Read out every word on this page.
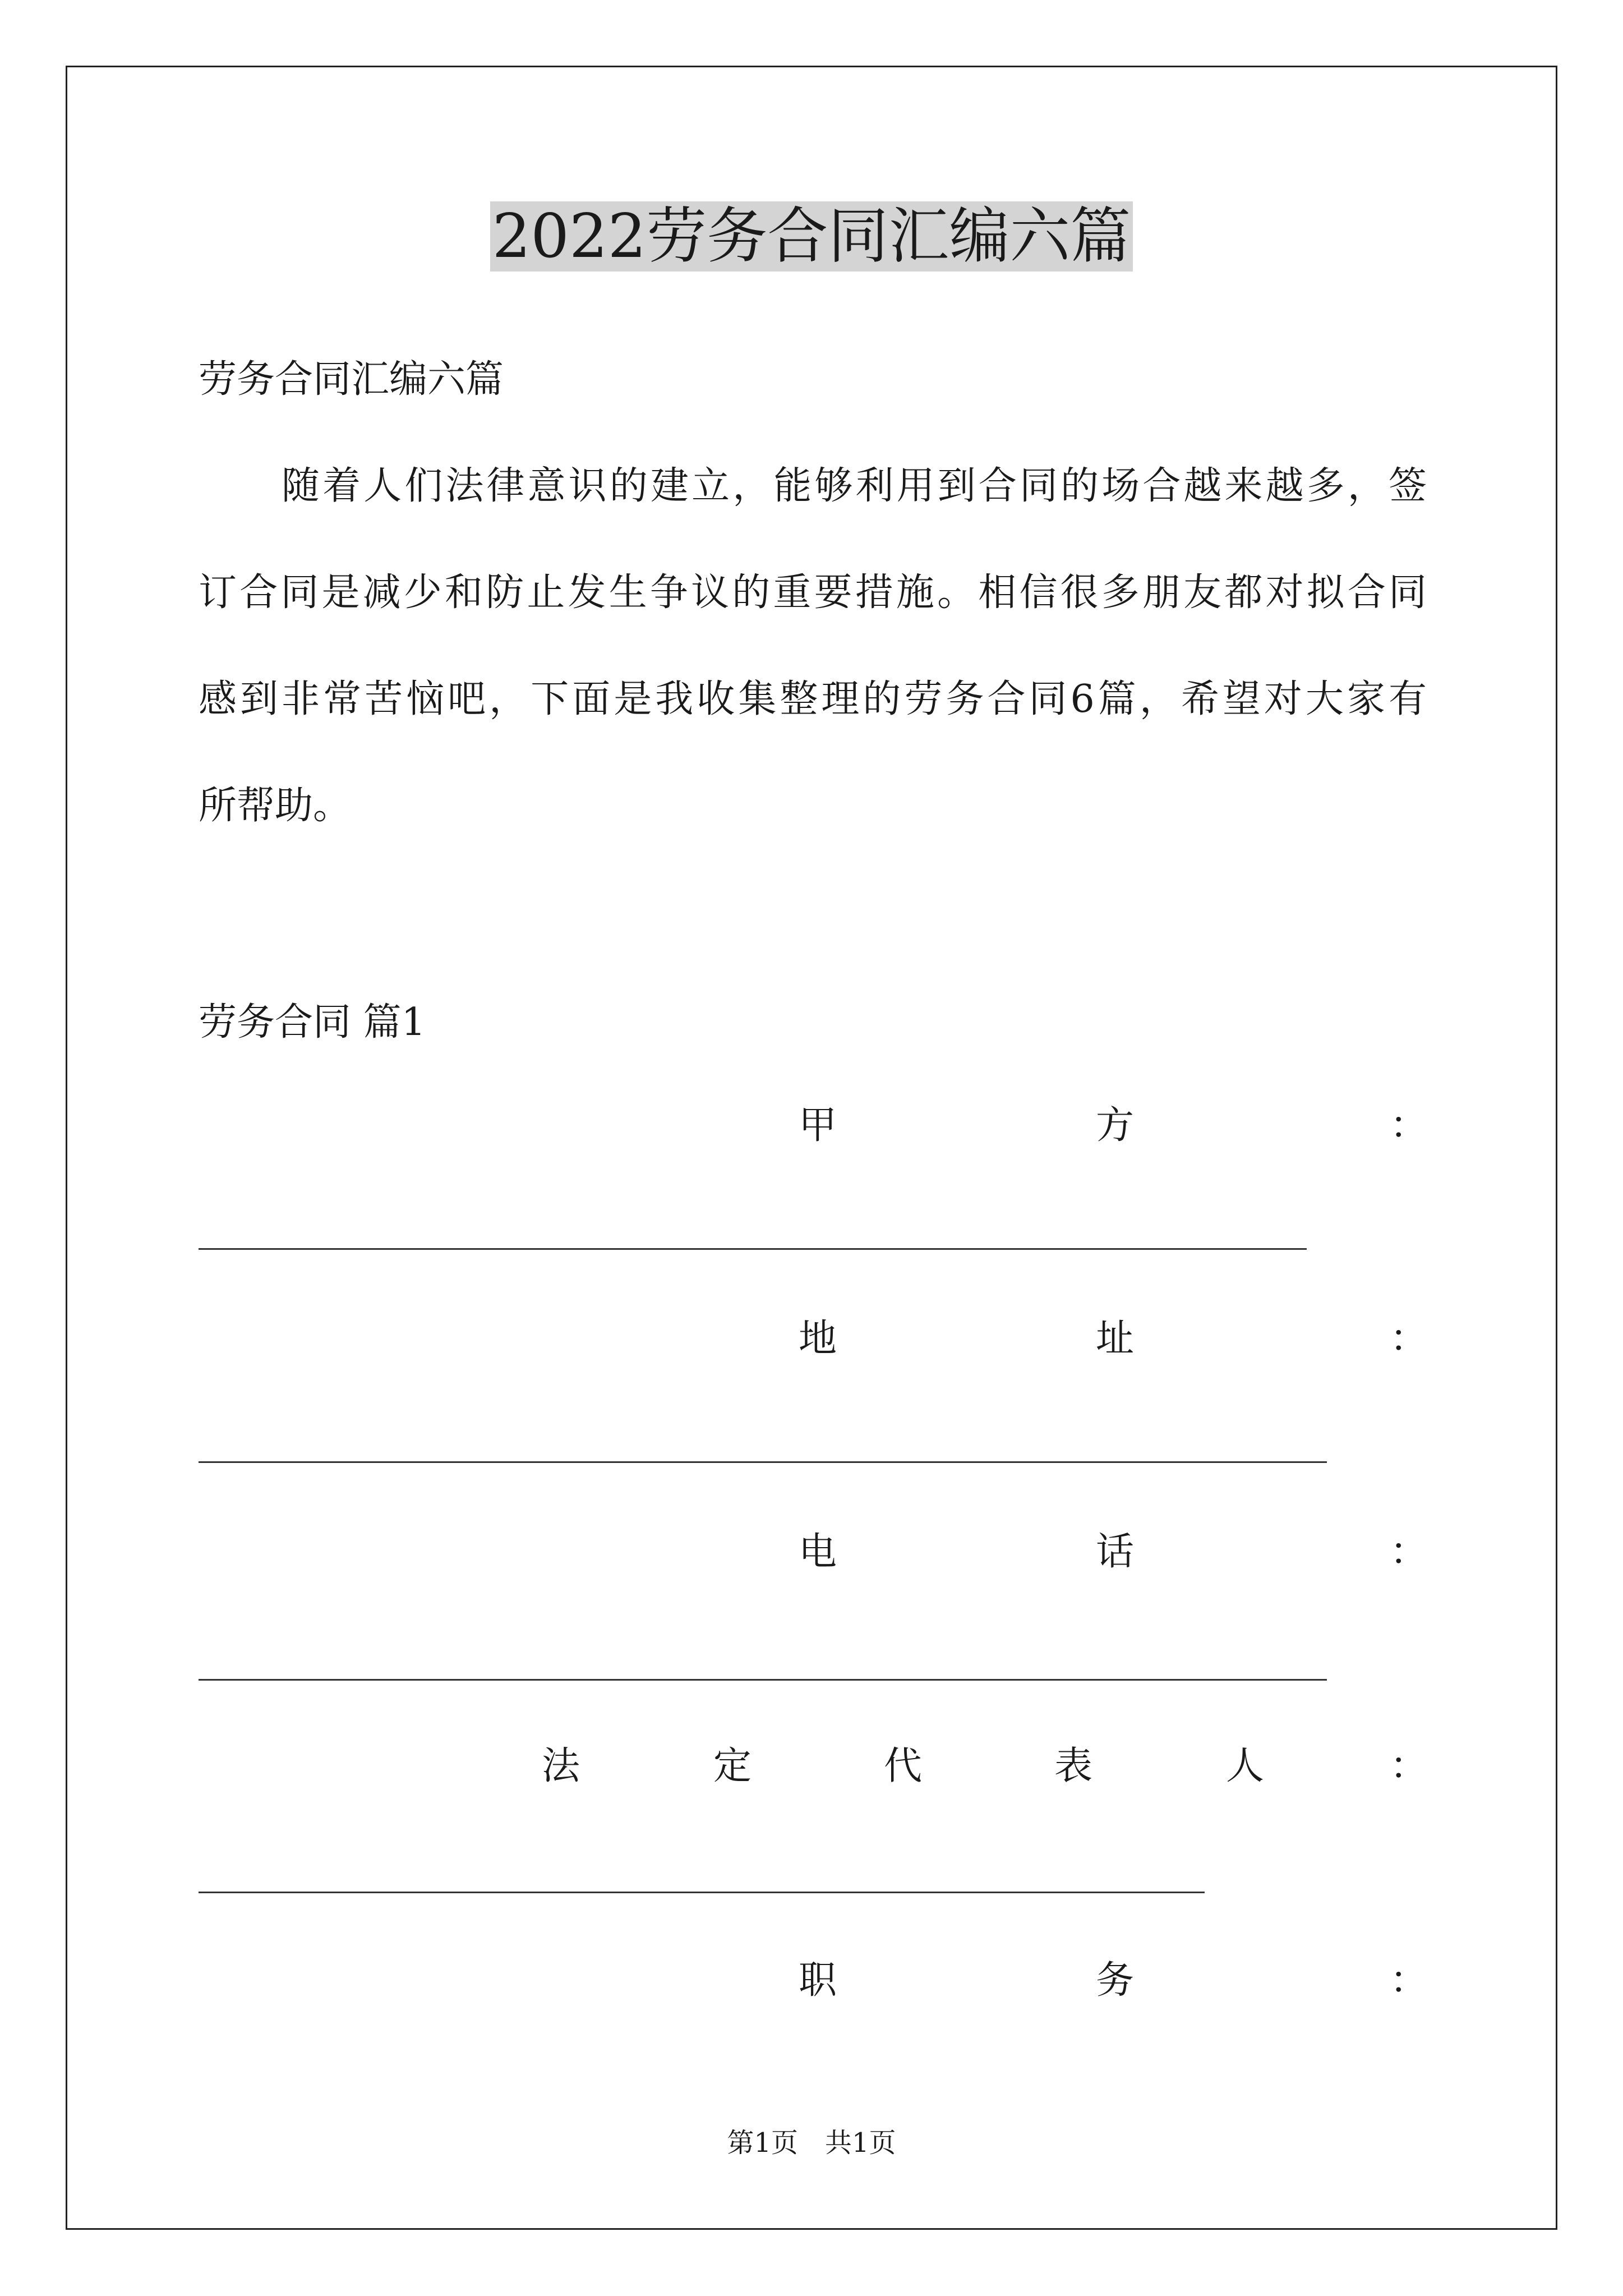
2022劳务合同汇编六篇
劳务合同汇编六篇
随着人们法律意识的建立，能够利用到合同的场合越来越多，签
订合同是减少和防止发生争议的重要措施。相信很多朋友都对拟合同
感到非常苦恼吧，下面是我收集整理的劳务合同6篇，希望对大家有
所帮助。
劳务合同 篇1
甲	方	：
地	址	：
电	话	：
法	定	代	表	人	：
职	务	：
第1页 共1页
